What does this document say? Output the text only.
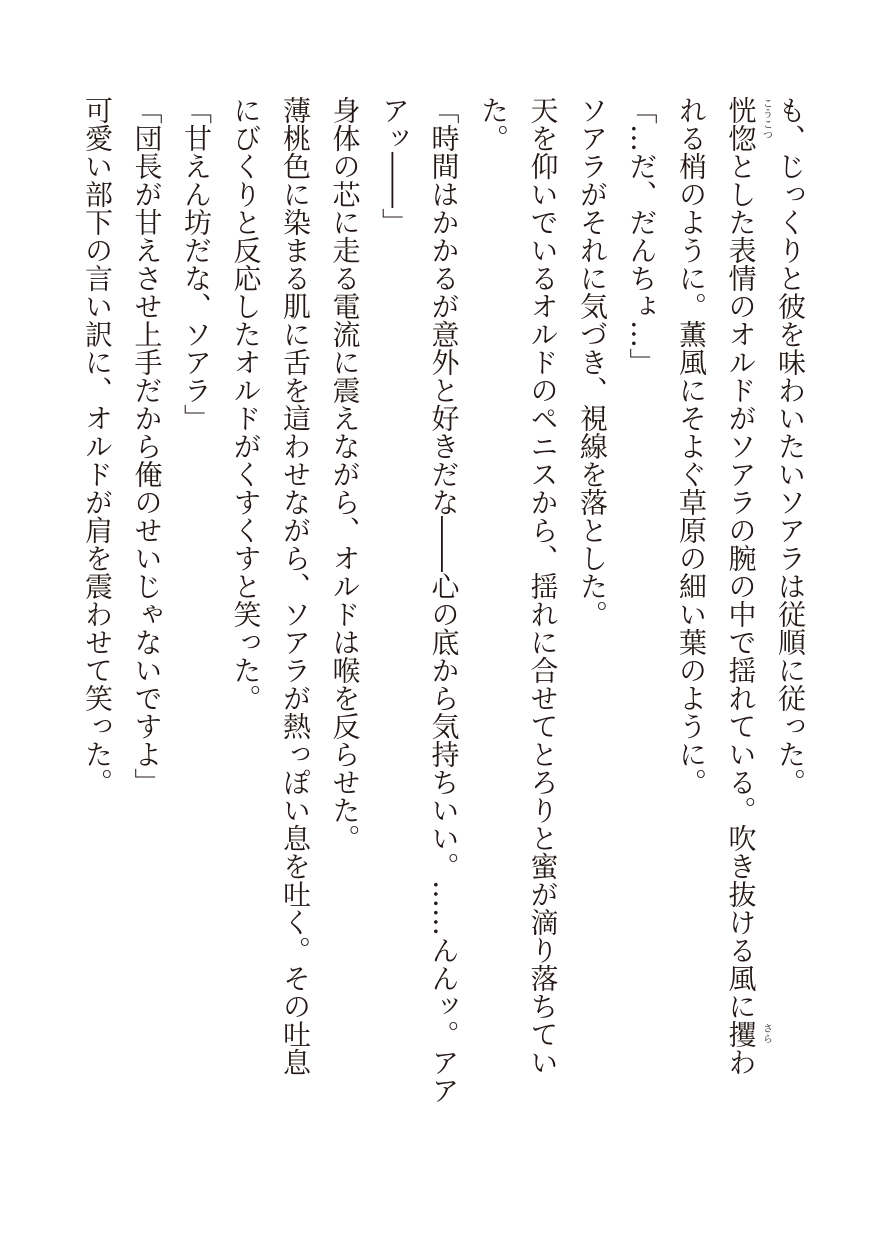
も、じっくりと彼を味わいたいソアラは従順に従った。

恍惚 こうこつ
とした表情のオルドがソアラの腕の中で揺れている。吹き抜ける風に攫 さら
わ

れる梢のように。薫風にそよぐ草原の細い葉のように。

「…だ、だんちょ…」

ソアラがそれに気づき、視線を落とした。

天を仰いでいるオルドのペニスから、揺れに合せてとろりと蜜が滴り落ちてい

た。

「時間はかかるが意外と好きだな――心の底から気持ちいい。……んんッ。アア

アッ――」

身体の芯に走る電流に震えながら、オルドは喉を反らせた。

薄桃色に染まる肌に舌を這わせながら、ソアラが熱っぽい息を吐く。その吐息

にびくりと反応したオルドがくすくすと笑った。

「甘えん坊だな、ソアラ」

「団長が甘えさせ上手だから俺のせいじゃないですよ」

可愛い部下の言い訳に、オルドが肩を震わせて笑った。
